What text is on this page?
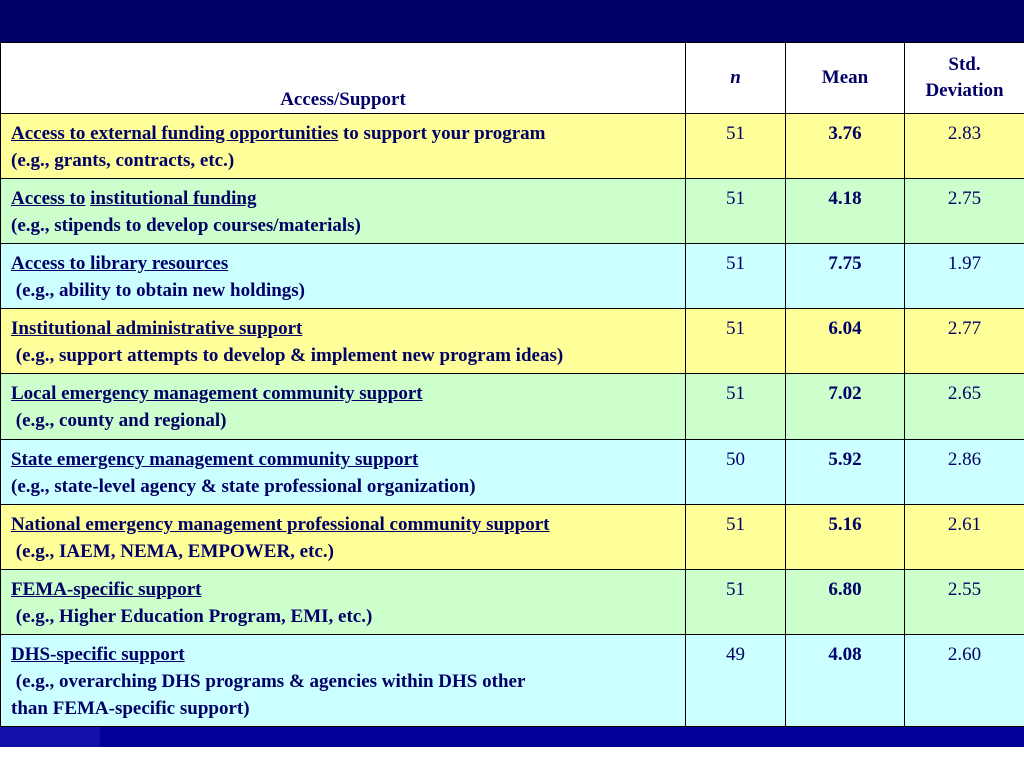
Access/Support	n	Mean	Std.
Deviation
Access to external funding opportunities to support your program
(e.g., grants, contracts, etc.)	51	3.76	2.83
Access to institutional funding
(e.g., stipends to develop courses/materials)	51	4.18	2.75
Access to library resources
(e.g., ability to obtain new holdings)	51	7.75	1.97
Institutional administrative support
(e.g., support attempts to develop & implement new program ideas)	51	6.04	2.77
Local emergency management community support
(e.g., county and regional)	51	7.02	2.65
State emergency management community support
(e.g., state-level agency & state professional organization)	50	5.92	2.86
National emergency management professional community support
(e.g., IAEM, NEMA, EMPOWER, etc.)	51	5.16	2.61
FEMA-specific support
(e.g., Higher Education Program, EMI, etc.)	51	6.80	2.55
DHS-specific support
(e.g., overarching DHS programs & agencies within DHS other
than FEMA-specific support)	49	4.08	2.60
